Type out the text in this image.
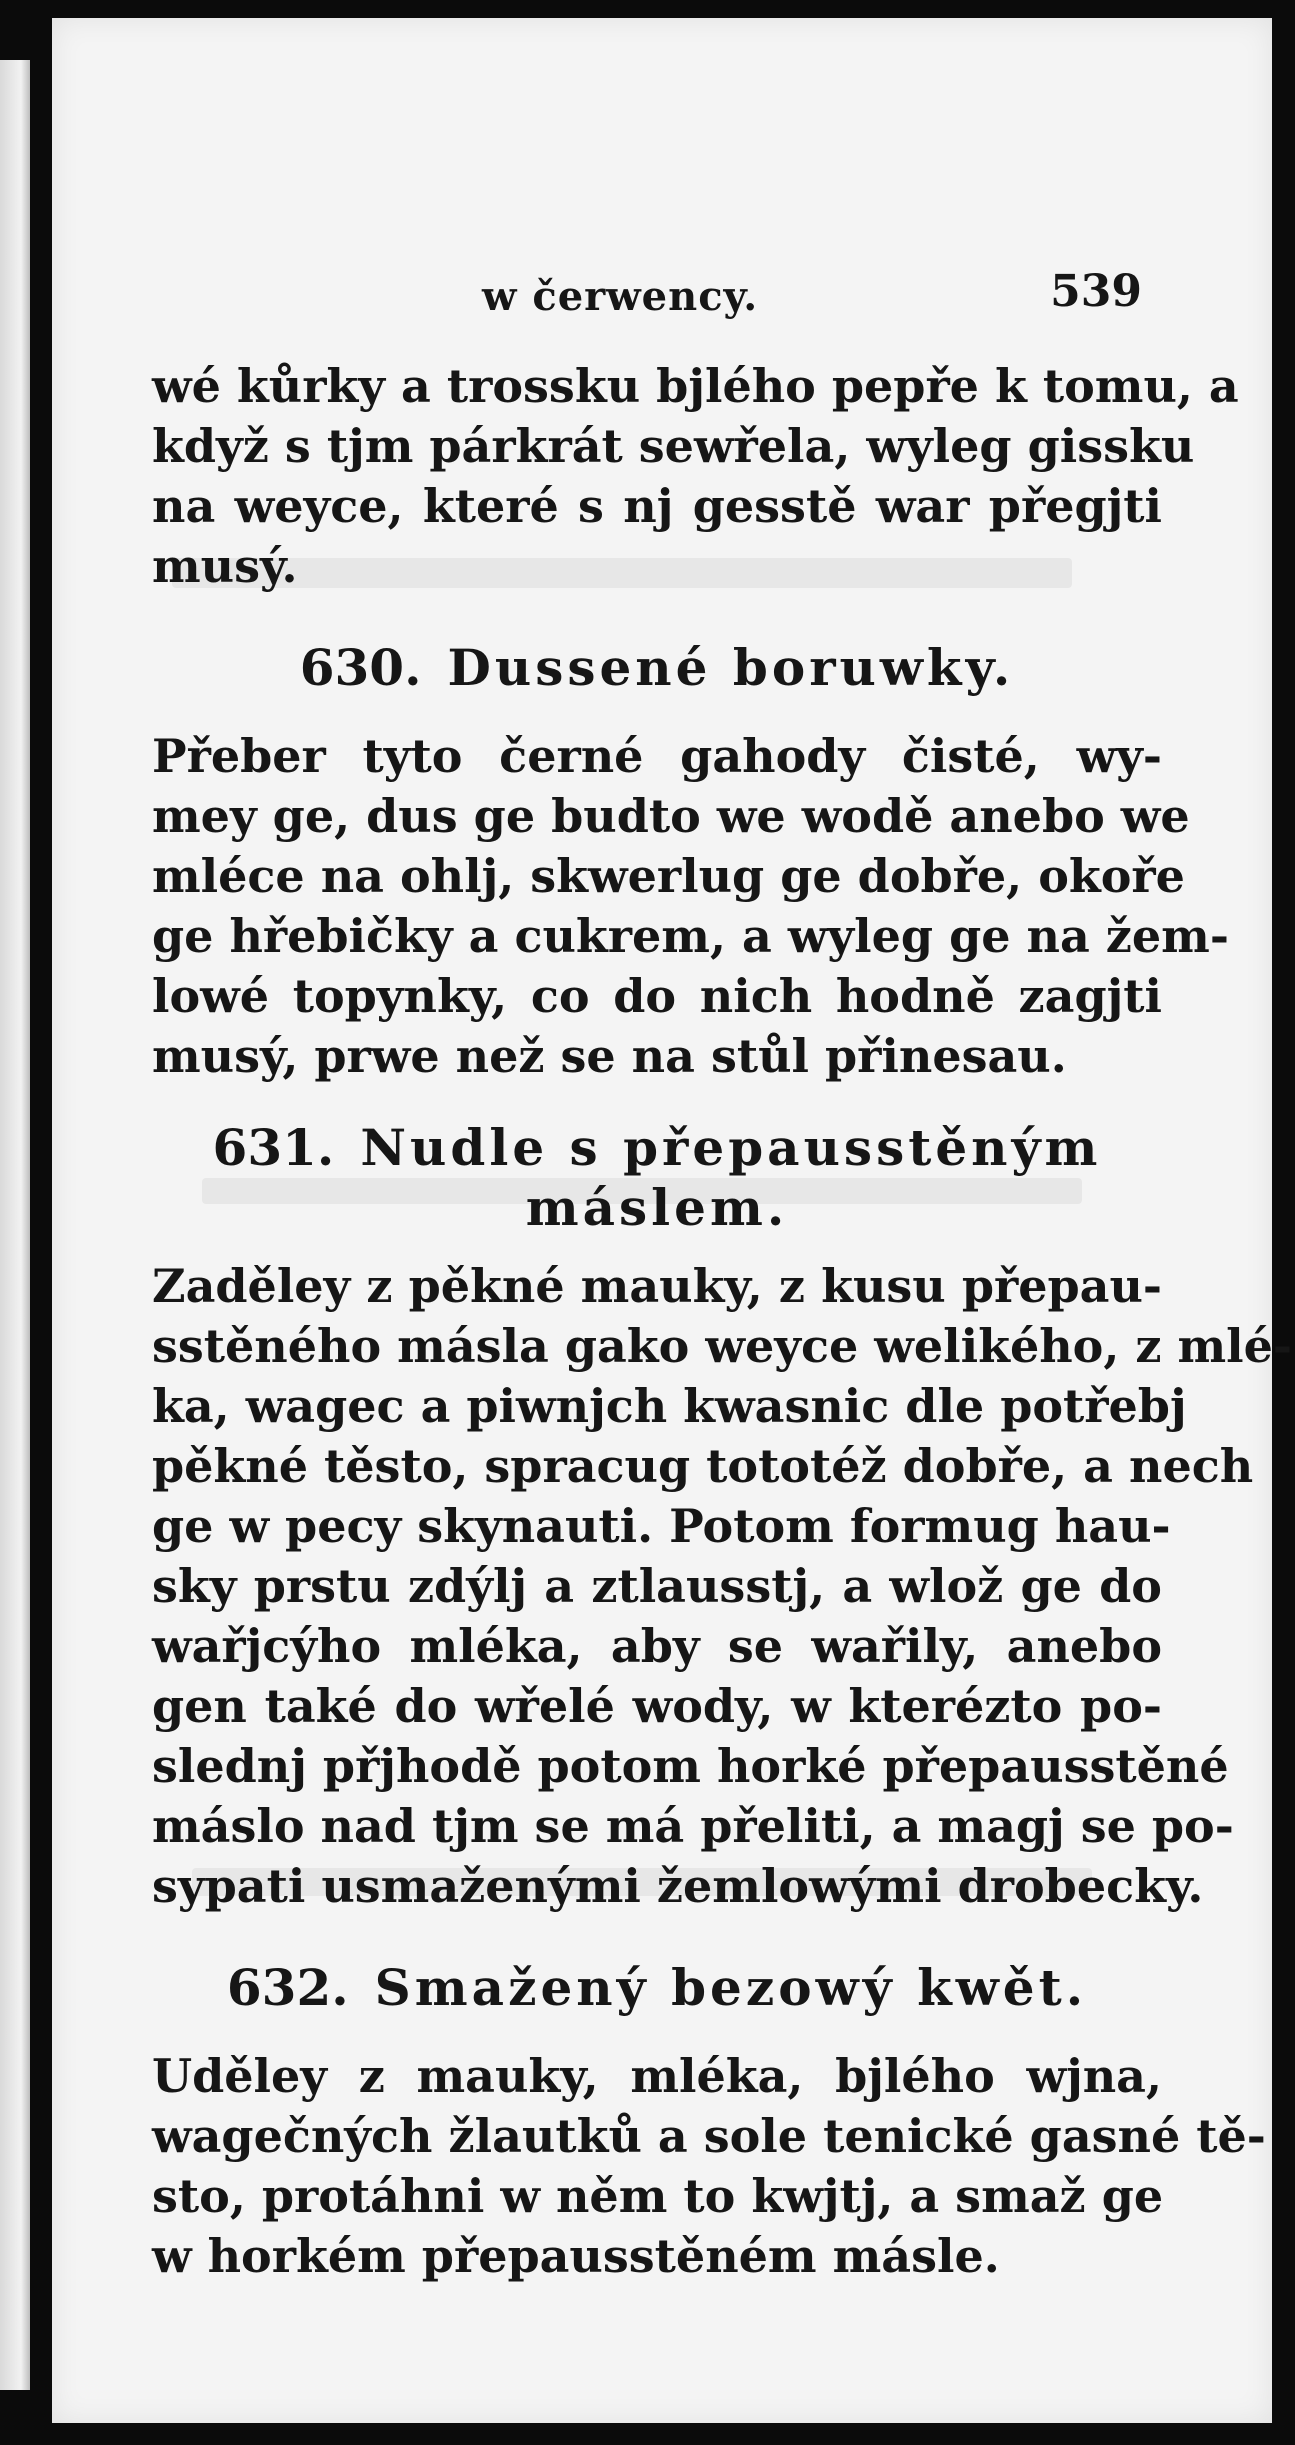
w čerwency.	539
wé kůrky a trossku bjlého pepře k tomu, a
když s tjm párkrát sewřela, wyleg gissku
na weyce, které s nj gesstě war přegjti
musý.
630. Dussené boruwky.
Přeber tyto černé gahody čisté, wy-
mey ge, dus ge budto we wodě anebo we
mléce na ohlj, skwerlug ge dobře, okoře
ge hřebičky a cukrem, a wyleg ge na žem-
lowé topynky, co do nich hodně zagjti
musý, prwe než se na stůl přinesau.
631. Nudle s přepausstěným
máslem.
Zaděley z pěkné mauky, z kusu přepau-
sstěného másla gako weyce welikého, z mlé-
ka, wagec a piwnjch kwasnic dle potřebj
pěkné těsto, spracug tototéž dobře, a nech
ge w pecy skynauti. Potom formug hau-
sky prstu zdýlj a ztlausstj, a wlož ge do
wařjcýho mléka, aby se wařily, anebo
gen také do wřelé wody, w kterézto po-
slednj přjhodě potom horké přepausstěné
máslo nad tjm se má přeliti, a magj se po-
sypati usmaženými žemlowými drobecky.
632. Smažený bezowý kwět.
Uděley z mauky, mléka, bjlého wjna,
wagečných žlautků a sole tenické gasné tě-
sto, protáhni w něm to kwjtj, a smaž ge
w horkém přepausstěném másle.
